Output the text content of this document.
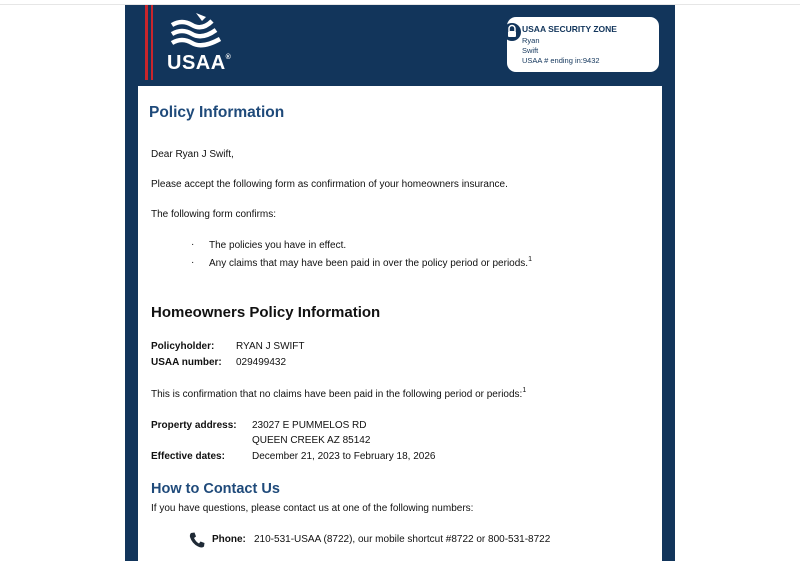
USAA®
USAA SECURITY ZONE
Ryan
Swift
USAA # ending in:9432
Policy Information
Dear Ryan J Swift,
Please accept the following form as confirmation of your homeowners insurance.
The following form confirms:
· The policies you have in effect.
· Any claims that may have been paid in over the policy period or periods.$^1$
Homeowners Policy Information
Policyholder: RYAN J SWIFT
USAA number: 029499432
This is confirmation that no claims have been paid in the following period or periods:$^1$
Property address: 23027 E PUMMELOS RD
QUEEN CREEK AZ 85142
Effective dates:	December 21, 2023 to February 18, 2026
How to Contact Us
If you have questions, please contact us at one of the following numbers:
Phone: 210-531-USAA (8722), our mobile shortcut #8722 or 800-531-8722
